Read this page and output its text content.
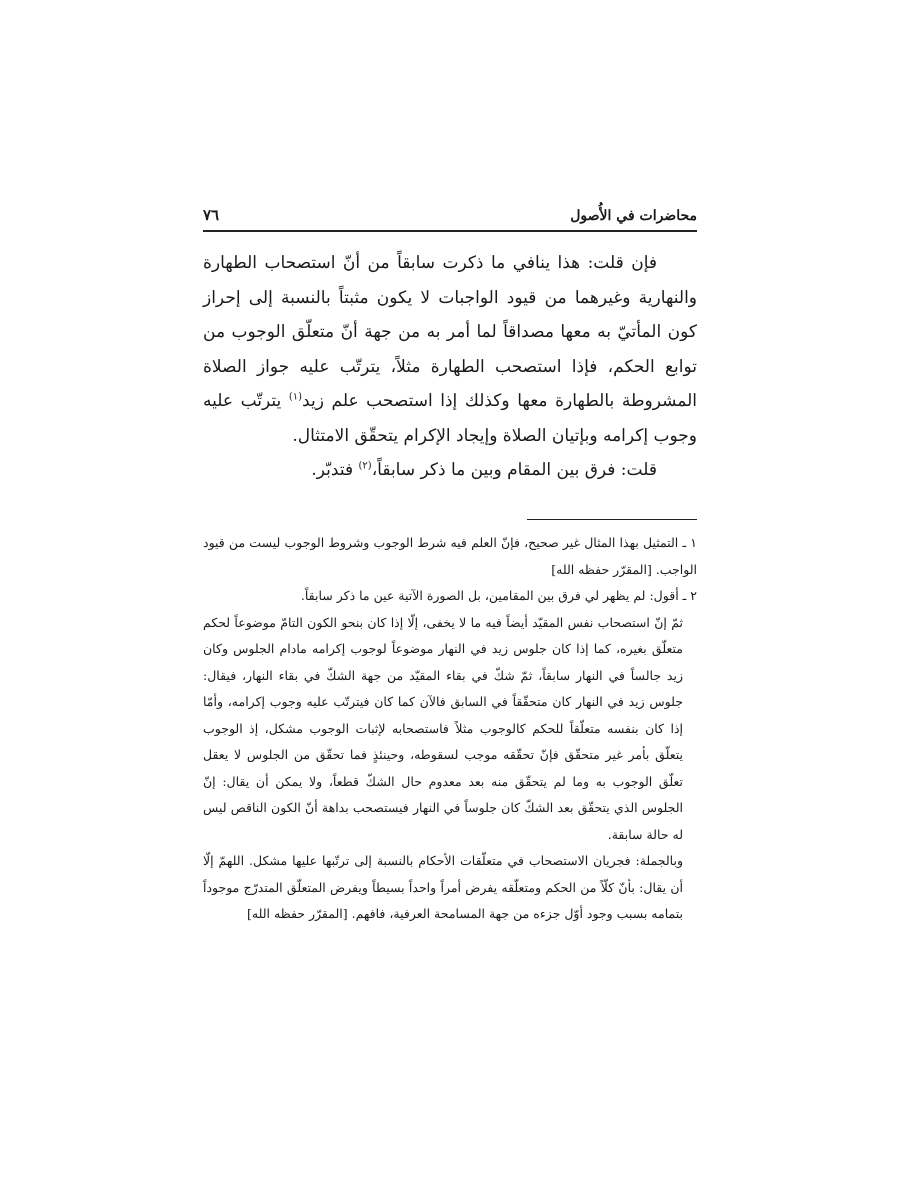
محاضرات في الأُصول
٧٦

فإن قلت: هذا ينافي ما ذكرت سابقاً من أنّ استصحاب الطهارة والنهارية وغيرهما من قيود الواجبات لا يكون مثبتاً بالنسبة إلى إحراز كون المأتيّ به معها مصداقاً لما أمر به من جهة أنّ متعلّق الوجوب من توابع الحكم، فإذا استصحب الطهارة مثلاً، يترتّب عليه جواز الصلاة المشروطة بالطهارة معها وكذلك إذا استصحب علم زيد$^{(١)}$ يترتّب عليه وجوب إكرامه وبإتيان الصلاة وإيجاد الإكرام يتحقّق الامتثال.

قلت: فرق بين المقام وبين ما ذكر سابقاً،$^{(٢)}$ فتدبّر.

١ ـ التمثيل بهذا المثال غير صحيح، فإنّ العلم فيه شرط الوجوب وشروط الوجوب ليست من قيود الواجب. [المقرّر حفظه الله]

٢ ـ أقول: لم يظهر لي فرق بين المقامين، بل الصورة الآتية عين ما ذكر سابقاً.

ثمّ إنّ استصحاب نفس المقيّد أيضاً فيه ما لا يخفى، إلّا إذا كان بنحو الكون التامّ موضوعاً لحكم متعلّق بغيره، كما إذا كان جلوس زيد في النهار موضوعاً لوجوب إكرامه مادام الجلوس وكان زيد جالساً في النهار سابقاً، ثمّ شكّ في بقاء المقيّد من جهة الشكّ في بقاء النهار، فيقال: جلوس زيد في النهار كان متحقّقاً في السابق فالآن كما كان فيترتّب عليه وجوب إكرامه، وأمّا إذا كان بنفسه متعلّقاً للحكم كالوجوب مثلاً فاستصحابه لإثبات الوجوب مشكل، إذ الوجوب يتعلّق بأمر غير متحقّق فإنّ تحقّقه موجب لسقوطه، وحينئذٍ فما تحقّق من الجلوس لا يعقل تعلّق الوجوب به وما لم يتحقّق منه بعد معدوم حال الشكّ قطعاً، ولا يمكن أن يقال: إنّ الجلوس الذي يتحقّق بعد الشكّ كان جلوساً في النهار فيستصحب بداهة أنّ الكون الناقص ليس له حالة سابقة.

وبالجملة: فجريان الاستصحاب في متعلّقات الأحكام بالنسبة إلى ترتّبها عليها مشكل. اللهمّ إلّا أن يقال: بأنّ كلّاً من الحكم ومتعلّقه يفرض أمراً واحداً بسيطاً ويفرض المتعلّق المتدرّج موجوداً بتمامه بسبب وجود أوّل جزءه من جهة المسامحة العرفية، فافهم. [المقرّر حفظه الله]
